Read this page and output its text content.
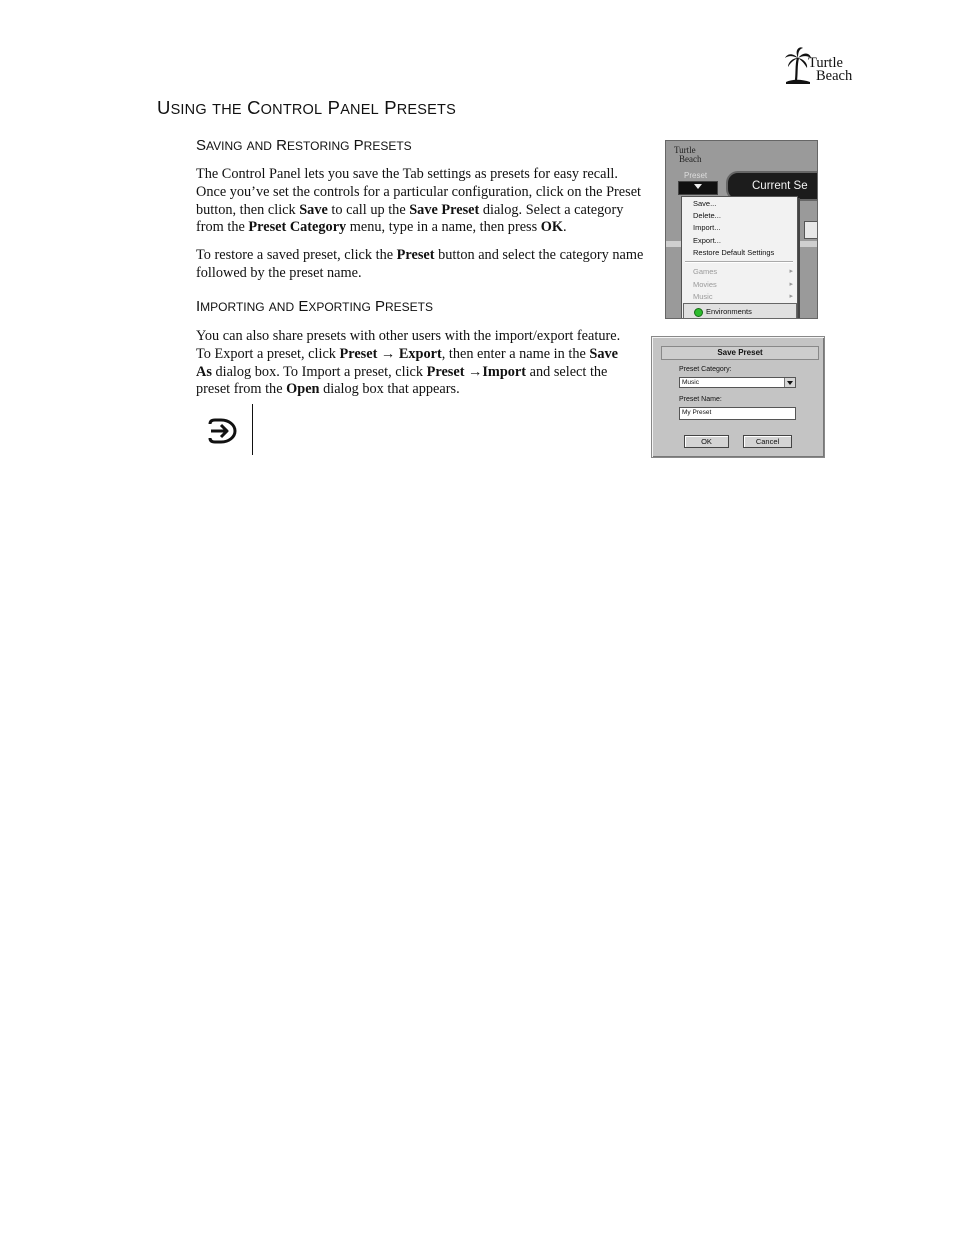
Turtle
Beach
USING THE CONTROL PANEL PRESETS
SAVING AND RESTORING PRESETS
The Control Panel lets you save the Tab settings as presets for easy recall. Once you’ve set the controls for a particular configuration, click on the Preset button, then click Save to call up the Save Preset dialog. Select a category from the Preset Category menu, type in a name, then press OK.
To restore a saved preset, click the Preset button and select the category name followed by the preset name.
IMPORTING AND EXPORTING PRESETS
You can also share presets with other users with the import/export feature. To Export a preset, click Preset → Export, then enter a name in the Save As dialog box. To Import a preset, click Preset →Import and select the preset from the Open dialog box that appears.
Turtle
Beach
Preset
Current Se
Save...
Delete...
Import...
Export...
Restore Default Settings
Games	▸
Movies	▸
Music	▸
Environments
Save Preset
Preset Category:
Music
Preset Name:
My Preset
OK	Cancel
